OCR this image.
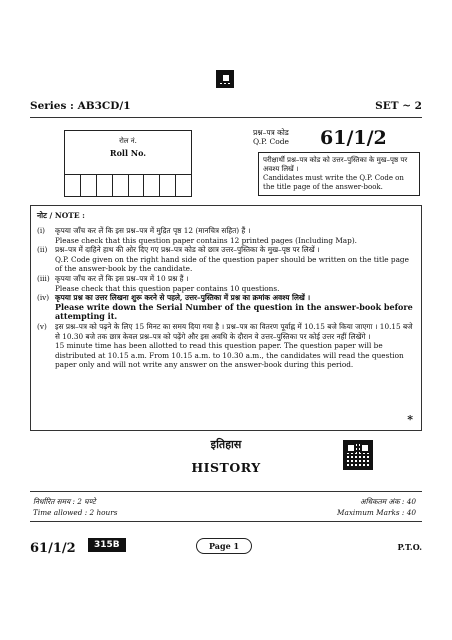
Series : AB3CD/1	SET ~ 2
रोल नं.
Roll No.
प्रश्न–पत्र कोड
Q.P. Code 61/1/2
परीक्षार्थी प्रश्न–पत्र कोड को उत्तर–पुस्तिका के मुख–पृष्ठ पर अवश्य लिखें ।
Candidates must write the Q.P. Code on the title page of the answer-book.
नोट / NOTE :
(i)	कृपया जाँच कर लें कि इस प्रश्न–पत्र में मुद्रित पृष्ठ 12 (मानचित्र सहित) हैं ।
Please check that this question paper contains 12 printed pages (Including Map).
(ii)	प्रश्न–पत्र में दाहिने हाथ की ओर दिए गए प्रश्न–पत्र कोड को छात्र उत्तर–पुस्तिका के मुख–पृष्ठ पर लिखें ।
Q.P. Code given on the right hand side of the question paper should be written on the title page of the answer-book by the candidate.
(iii) कृपया जाँच कर लें कि इस प्रश्न–पत्र में 10 प्रश्न हैं ।
Please check that this question paper contains 10 questions.
(iv) कृपया प्रश्न का उत्तर लिखना शुरू करने से पहले, उत्तर–पुस्तिका में प्रश्न का क्रमांक अवश्य लिखें ।
Please write down the Serial Number of the question in the answer-book before attempting it.
(v)	इस प्रश्न–पत्र को पढ़ने के लिए 15 मिनट का समय दिया गया है । प्रश्न–पत्र का वितरण पूर्वाह्न में 10.15 बजे किया जाएगा । 10.15 बजे से 10.30 बजे तक छात्र केवल प्रश्न–पत्र को पढ़ेंगे और इस अवधि के दौरान वे उत्तर–पुस्तिका पर कोई उत्तर नहीं लिखेंगे ।
15 minute time has been allotted to read this question paper. The question paper will be distributed at 10.15 a.m. From 10.15 a.m. to 10.30 a.m., the candidates will read the question paper only and will not write any answer on the answer-book during this period.
*
इतिहास
HISTORY
निर्धारित समय : 2 घण्टे
Time allowed : 2 hours
अधिकतम अंक : 40
Maximum Marks : 40
61/1/2	315B	Page 1	P.T.O.
